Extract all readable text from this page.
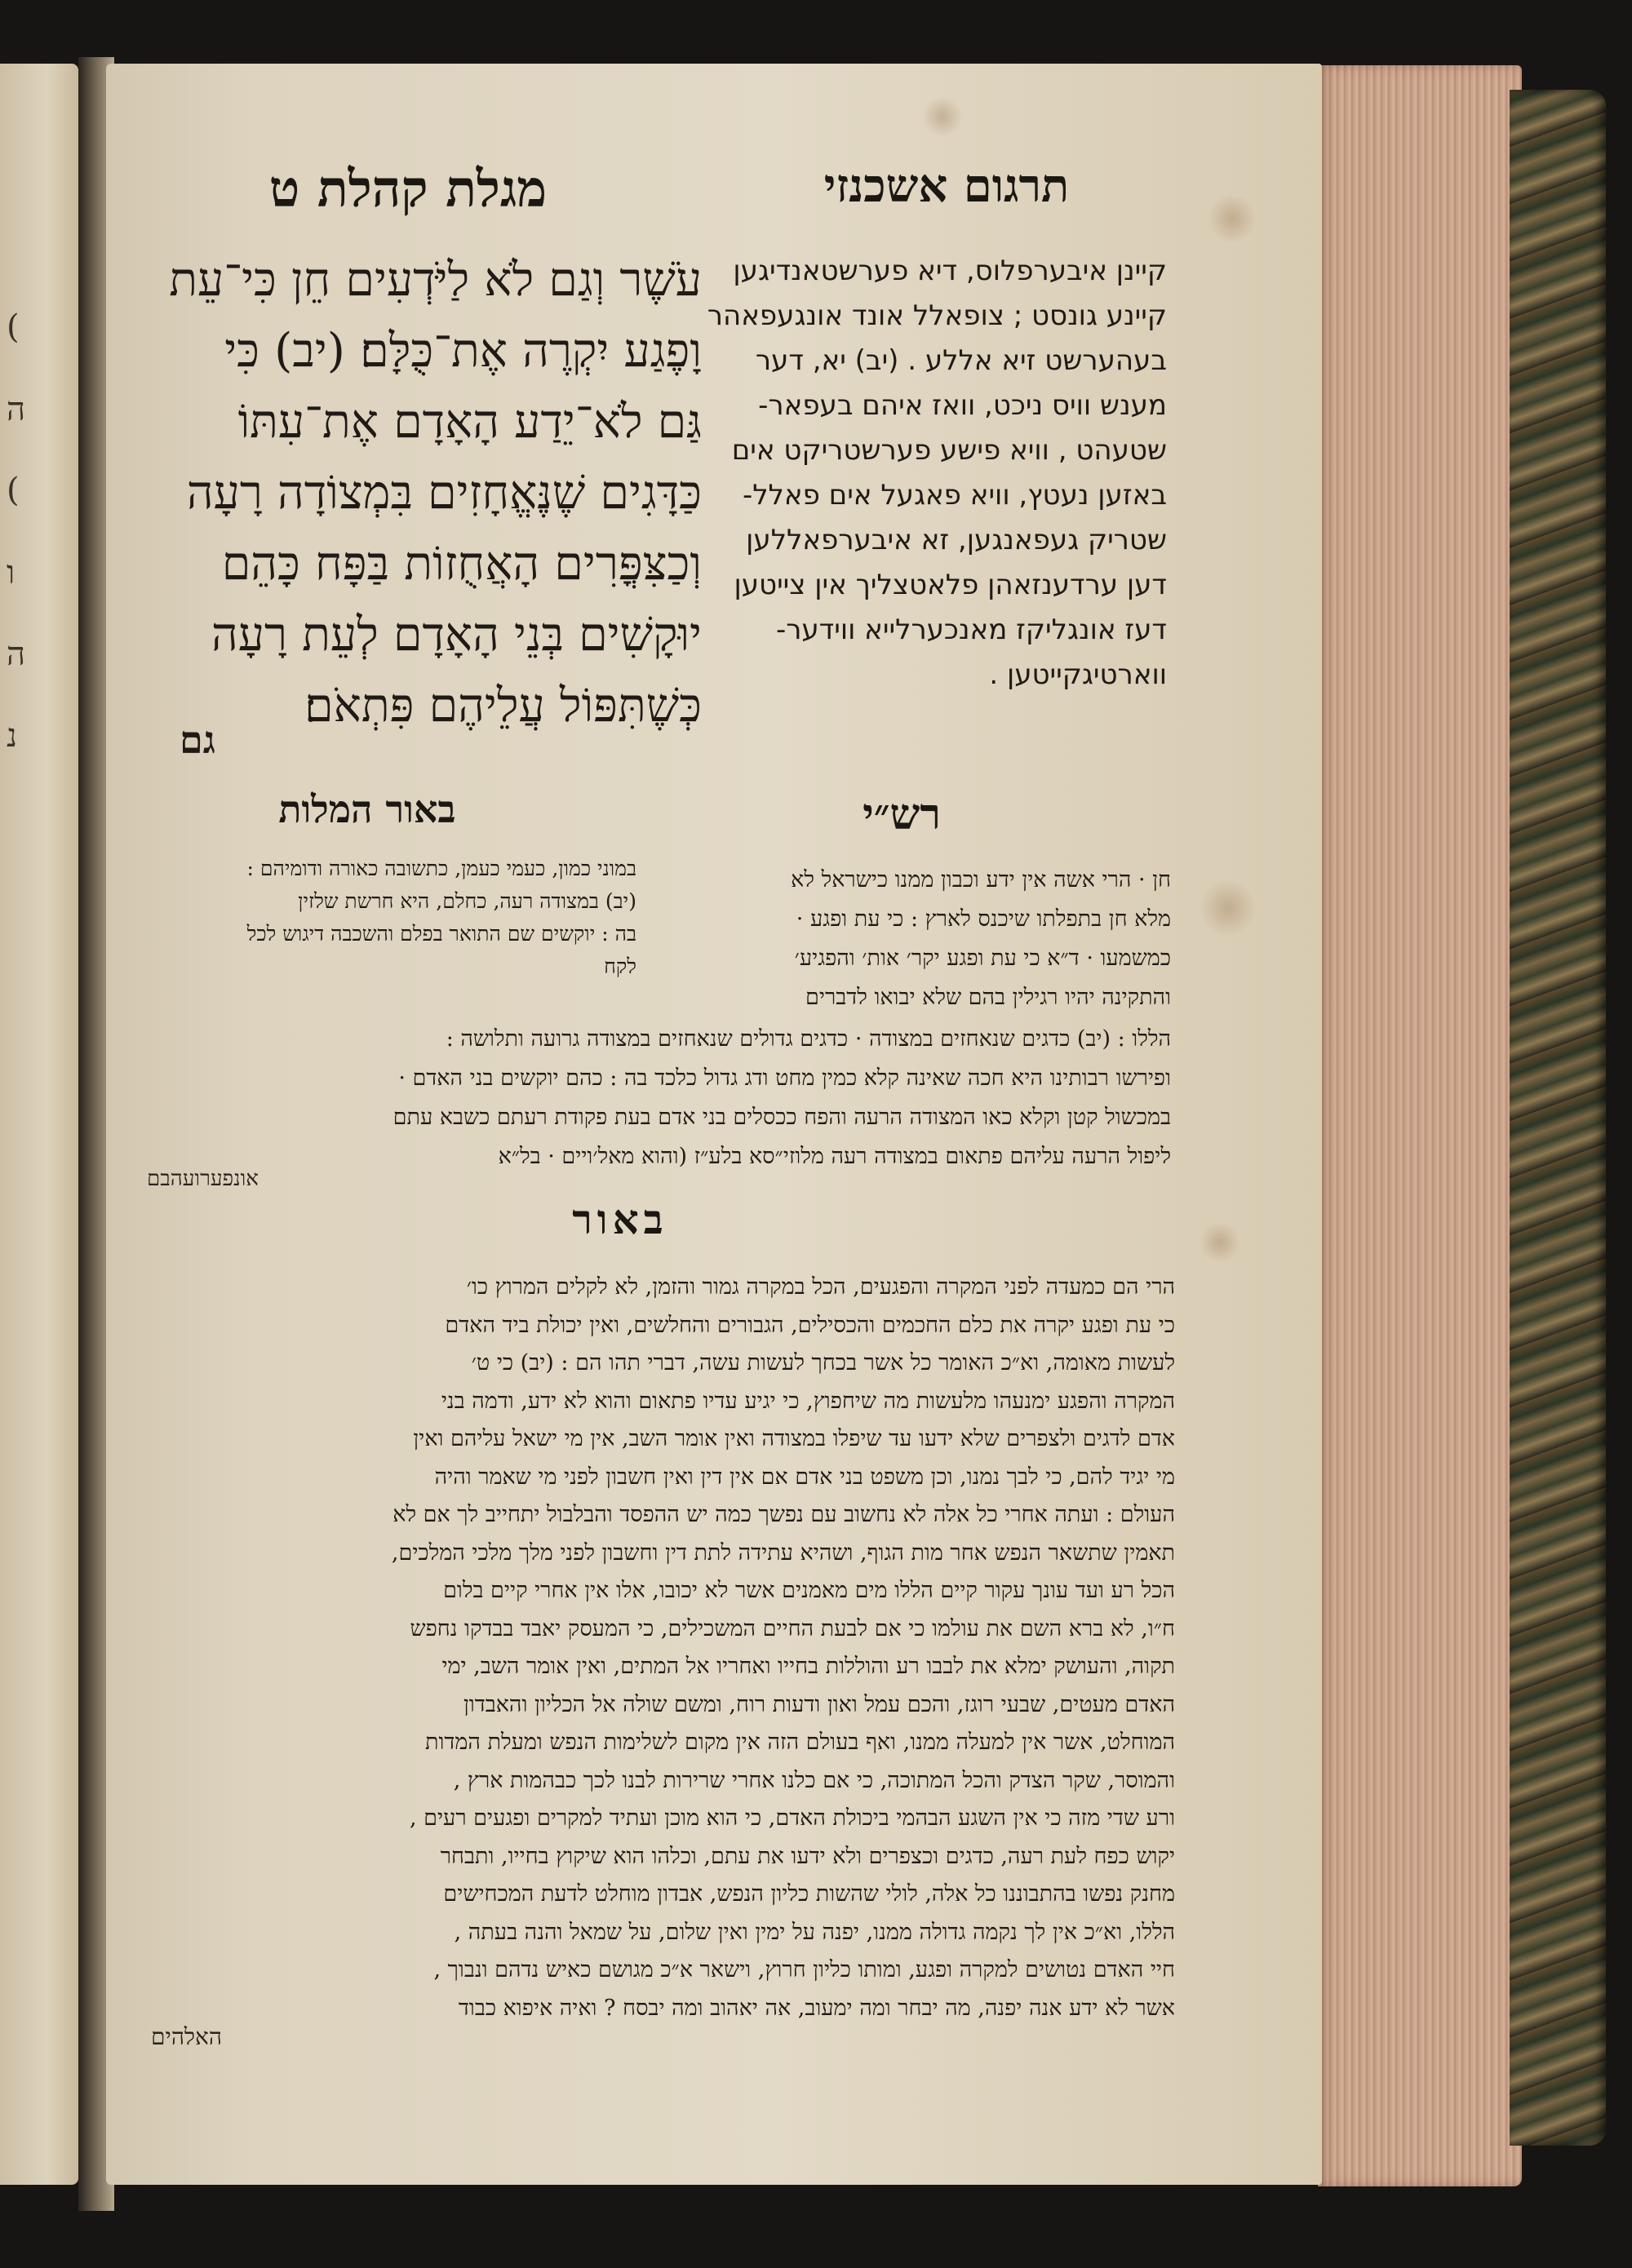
(
ה
(
ו
ה
נ
מגלת קהלת ט	תרגום אשכנזי
עֹשֶׁר וְגַם לֹא לַיֹּדְעִים חֵן כִּי־עֵת
וָפֶגַע יִקְרֶה אֶת־כֻּלָּם׃ (יב) כִּי
גַּם לֹא־יֵדַע הָאָדָם אֶת־עִתּוֹ
כַּדָּגִים שֶׁנֶּאֱחָזִים בִּמְצוֹדָה רָעָה
וְכַצִּפֳּרִים הָאֲחֻזוֹת בַּפָּח כָּהֵם
יוּקָשִׁים בְּנֵי הָאָדָם לְעֵת רָעָה
כְּשֶׁתִּפּוֹל עֲלֵיהֶם פִּתְאֹם׃
גם
קיינן איבערפלוס, דיא פערשטאנדיגען
קיינע גונסט ; צופאלל אונד אונגעפאהר
בעהערשט זיא אללע . (יב) יא, דער
מענש וויס ניכט, וואז איהם בעפאר-
שטעהט , וויא פישע פערשטריקט אים
באזען נעטץ, וויא פאגעל אים פאלל-
שטריק געפאנגען, זא איבערפאללען
דען ערדענזאהן פלאטצליך אין צייטען
דעז אונגליקז מאנכערלייא ווידער-
ווארטיגקייטען .
באור המלות	רש״י
במוני כמון, כעמי כעמן, כתשובה כאורה ודומיהם :
(יב) במצודה רעה, כחלם, היא חרשת שלזין
בה : יוקשים שם התואר בפלם והשכבה דיגוש לכל
לקח
חן · הרי אשה אין ידע וכבון ממנו כישראל לא
מלא חן בתפלתו שיכנס לארץ : כי עת ופגע ·
כמשמעו · ד״א כי עת ופגע יקר׳ אות׳ והפגיע׳
והתקינה יהיו רגילין בהם שלא יבואו לדברים
הללו : (יב) כדגים שנאחזים במצודה · כדגים גדולים שנאחזים במצודה גרועה ותלושה :
ופירשו רבותינו היא חכה שאינה קלא כמין מחט ודג גדול כלכד בה : כהם יוקשים בני האדם ·
במכשול קטן וקלא כאו המצודה הרעה והפח ככסלים בני אדם בעת פקודת רעתם כשבא עתם
ליפול הרעה עליהם פתאום במצודה רעה מלוזי״סא בלע״ז (והוא מאל׳ויים · בל״א
אונפערועהבם
באור
הרי הם כמעדה לפני המקרה והפגעים, הכל במקרה גמור והזמן, לא לקלים המרוץ כו׳
כי עת ופגע יקרה את כלם החכמים והכסילים, הגבורים והחלשים, ואין יכולת ביד האדם
לעשות מאומה, וא״כ האומר כל אשר בכחך לעשות עשה, דברי תהו הם : (יב) כי ט׳
המקרה והפגע ימנעהו מלעשות מה שיחפוץ, כי יגיע עדיו פתאום והוא לא ידע, ודמה בני
אדם לדגים ולצפרים שלא ידעו עד שיפלו במצודה ואין אומר השב, אין מי ישאל עליהם ואין
מי יגיד להם, כי לבך נמנו, וכן משפט בני אדם אם אין דין ואין חשבון לפני מי שאמר והיה
העולם : ועתה אחרי כל אלה לא נחשוב עם נפשך כמה יש ההפסד והבלבול יתחייב לך אם לא
תאמין שתשאר הנפש אחר מות הגוף, ושהיא עתידה לתת דין וחשבון לפני מלך מלכי המלכים,
הכל רע ועד עונך עקור קיים הללו מים מאמנים אשר לא יכובו, אלו אין אחרי קיים בלום
ח״ו, לא ברא השם את עולמו כי אם לבעת החיים המשכילים, כי המעסק יאבד בבדקו נחפש
תקוה, והעושק ימלא את לבבו רע והוללות בחייו ואחריו אל המתים, ואין אומר השב, ימי
האדם מעטים, שבעי רוגז, והכם עמל ואון ודעות רוח, ומשם שולה אל הכליון והאבדון
המוחלט, אשר אין למעלה ממנו, ואף בעולם הזה אין מקום לשלימות הנפש ומעלת המדות
והמוסר, שקר הצדק והכל המתוכה, כי אם כלנו אחרי שרירות לבנו לכך כבהמות ארץ ,
ורע שדי מזה כי אין השגע הבהמי ביכולת האדם, כי הוא מוכן ועתיד למקרים ופגעים רעים ,
יקוש כפח לעת רעה, כדגים וכצפרים ולא ידעו את עתם, וכלהו הוא שיקוץ בחייו, ותבחר
מחנק נפשו בהתבוננו כל אלה, לולי שהשות כליון הנפש, אבדון מוחלט לדעת המכחישים
הללו, וא״כ אין לך נקמה גדולה ממנו, יפנה על ימין ואין שלום, על שמאל והנה בעתה ,
חיי האדם נטושים למקרה ופגע, ומותו כליון חרוץ, וישאר א״כ מגושם כאיש נדהם ונבוך ,
אשר לא ידע אנה יפנה, מה יבחר ומה ימעוב, אה יאהוב ומה יבסח ? ואיה איפוא כבוד
האלהים
